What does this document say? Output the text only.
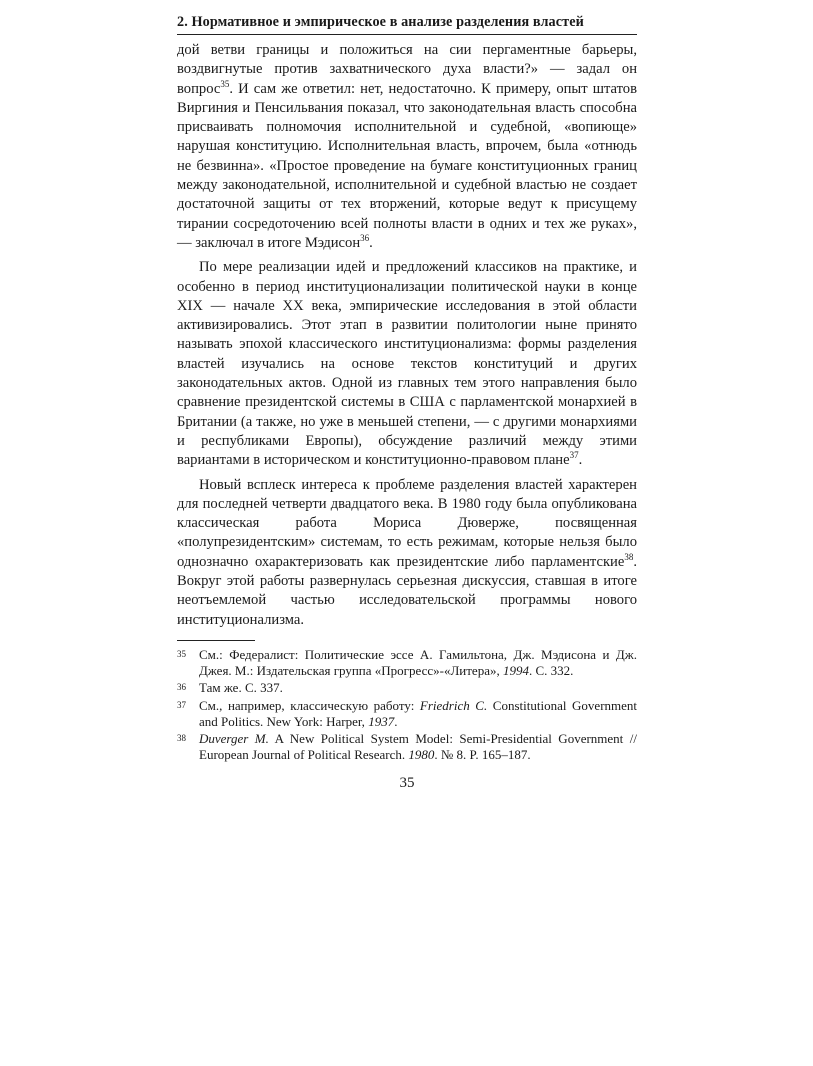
2. Нормативное и эмпирическое в анализе разделения властей

дой ветви границы и положиться на сии пергаментные барьеры, воздвигнутые против захватнического духа власти?» — задал он вопрос$^{35}$. И сам же ответил: нет, недостаточно. К примеру, опыт штатов Виргиния и Пенсильвания показал, что законодательная власть способна присваивать полномочия исполнительной и судебной, «вопиюще» нарушая конституцию. Исполнительная власть, впрочем, была «отнюдь не безвинна». «Простое проведение на бумаге конституционных границ между законодательной, исполнительной и судебной властью не создает достаточной защиты от тех вторжений, которые ведут к присущему тирании сосредоточению всей полноты власти в одних и тех же руках», — заключал в итоге Мэдисон$^{36}$.

По мере реализации идей и предложений классиков на практике, и особенно в период институционализации политической науки в конце XIX — начале XX века, эмпирические исследования в этой области активизировались. Этот этап в развитии политологии ныне принято называть эпохой классического институционализма: формы разделения властей изучались на основе текстов конституций и других законодательных актов. Одной из главных тем этого направления было сравнение президентской системы в США с парламентской монархией в Британии (а также, но уже в меньшей степени, — с другими монархиями и республиками Европы), обсуждение различий между этими вариантами в историческом и конституционно-правовом плане$^{37}$.

Новый всплеск интереса к проблеме разделения властей характерен для последней четверти двадцатого века. В 1980 году была опубликована классическая работа Мориса Дюверже, посвященная «полупрезидентским» системам, то есть режимам, которые нельзя было однозначно охарактеризовать как президентские либо парламентские$^{38}$. Вокруг этой работы развернулась серьезная дискуссия, ставшая в итоге неотъемлемой частью исследовательской программы нового институционализма.

35	См.: Федералист: Политические эссе А. Гамильтона, Дж. Мэдисона и Дж. Джея. М.: Издательская группа «Прогресс»-«Литера», 1994. С. 332.
36	Там же. С. 337.
37	См., например, классическую работу: Friedrich C. Constitutional Government and Politics. New York: Harper, 1937.
38	Duverger M. A New Political System Model: Semi-Presidential Government // European Journal of Political Research. 1980. № 8. P. 165–187.
35
